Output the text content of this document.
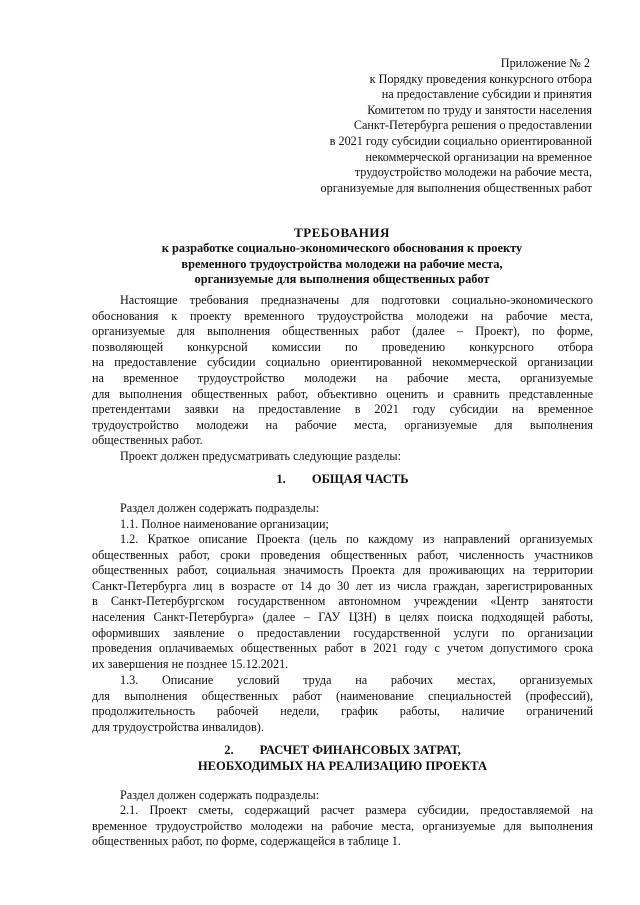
Приложение № 2
к Порядку проведения конкурсного отбора
на предоставление субсидии и принятия
Комитетом по труду и занятости населения
Санкт-Петербурга решения о предоставлении
в 2021 году субсидии социально ориентированной
некоммерческой организации на временное
трудоустройство молодежи на рабочие места,
организуемые для выполнения общественных работ
ТРЕБОВАНИЯ
к разработке социально-экономического обоснования к проекту
временного трудоустройства молодежи на рабочие места,
организуемые для выполнения общественных работ
Настоящие требования предназначены для подготовки социально-экономического
обоснования к проекту временного трудоустройства молодежи на рабочие места,
организуемые для выполнения общественных работ (далее – Проект), по форме,
позволяющей конкурсной комиссии по проведению конкурсного отбора
на предоставление субсидии социально ориентированной некоммерческой организации
на временное трудоустройство молодежи на рабочие места, организуемые
для выполнения общественных работ, объективно оценить и сравнить представленные
претендентами заявки на предоставление в 2021 году субсидии на временное
трудоустройство молодежи на рабочие места, организуемые для выполнения
общественных работ.
Проект должен предусматривать следующие разделы:
1. ОБЩАЯ ЧАСТЬ
Раздел должен содержать подразделы:
1.1. Полное наименование организации;
1.2. Краткое описание Проекта (цель по каждому из направлений организуемых
общественных работ, сроки проведения общественных работ, численность участников
общественных работ, социальная значимость Проекта для проживающих на территории
Санкт-Петербурга лиц в возрасте от 14 до 30 лет из числа граждан, зарегистрированных
в Санкт-Петербургском государственном автономном учреждении «Центр занятости
населения Санкт-Петербурга» (далее – ГАУ ЦЗН) в целях поиска подходящей работы,
оформивших заявление о предоставлении государственной услуги по организации
проведения оплачиваемых общественных работ в 2021 году с учетом допустимого срока
их завершения не позднее 15.12.2021.
1.3. Описание условий труда на рабочих местах, организуемых
для выполнения общественных работ (наименование специальностей (профессий),
продолжительность рабочей недели, график работы, наличие ограничений
для трудоустройства инвалидов).
2. РАСЧЕТ ФИНАНСОВЫХ ЗАТРАТ,
НЕОБХОДИМЫХ НА РЕАЛИЗАЦИЮ ПРОЕКТА
Раздел должен содержать подразделы:
2.1. Проект сметы, содержащий расчет размера субсидии, предоставляемой на
временное трудоустройство молодежи на рабочие места, организуемые для выполнения
общественных работ, по форме, содержащейся в таблице 1.
